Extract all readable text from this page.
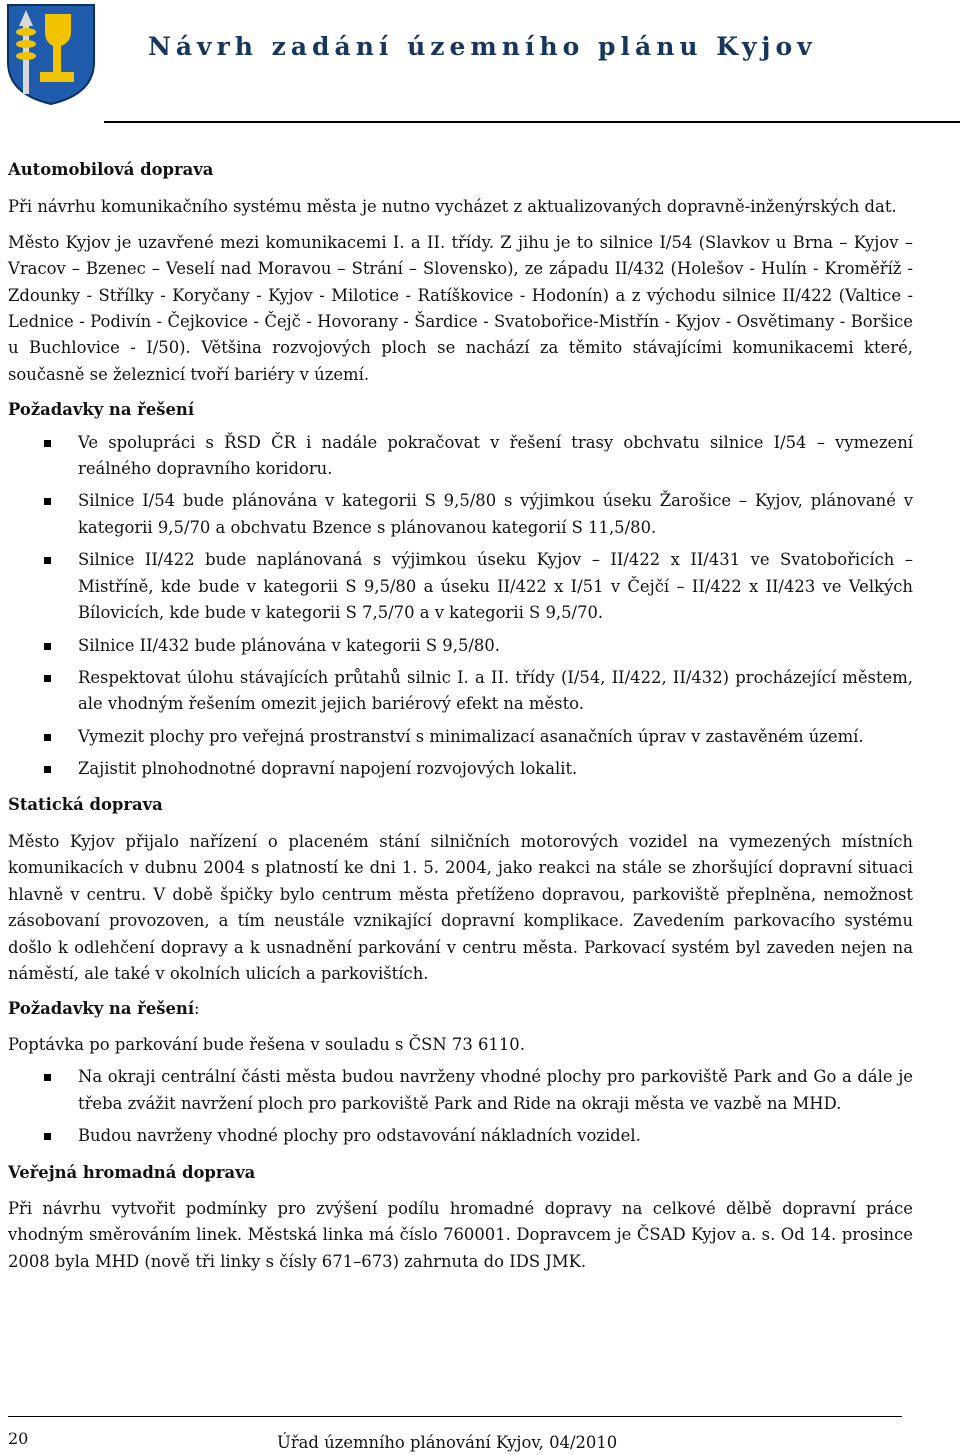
Návrh zadání územního plánu Kyjov

Automobilová doprava

Při návrhu komunikačního systému města je nutno vycházet z aktualizovaných dopravně-inženýrských dat.

Město Kyjov je uzavřené mezi komunikacemi I. a II. třídy. Z jihu je to silnice I/54 (Slavkov u Brna – Kyjov – Vracov – Bzenec – Veselí nad Moravou – Strání – Slovensko), ze západu II/432 (Holešov - Hulín - Kroměříž - Zdounky - Střílky - Koryčany - Kyjov - Milotice - Ratíškovice - Hodonín) a z východu silnice II/422 (Valtice - Lednice - Podivín - Čejkovice - Čejč - Hovorany - Šardice - Svatobořice-Mistřín - Kyjov - Osvětimany - Boršice u Buchlovice - I/50). Většina rozvojových ploch se nachází za těmito stávajícími komunikacemi které, současně se železnicí tvoří bariéry v území.

Požadavky na řešení

Ve spolupráci s ŘSD ČR i nadále pokračovat v řešení trasy obchvatu silnice I/54 – vymezení reálného dopravního koridoru.
Silnice I/54 bude plánována v kategorii S 9,5/80 s výjimkou úseku Žarošice – Kyjov, plánované v kategorii 9,5/70 a obchvatu Bzence s plánovanou kategorií S 11,5/80.
Silnice II/422 bude naplánovaná s výjimkou úseku Kyjov – II/422 x II/431 ve Svatobořicích – Mistříně, kde bude v kategorii S 9,5/80 a úseku II/422 x I/51 v Čejčí – II/422 x II/423 ve Velkých Bílovicích, kde bude v kategorii S 7,5/70 a v kategorii S 9,5/70.
Silnice II/432 bude plánována v kategorii S 9,5/80.
Respektovat úlohu stávajících průtahů silnic I. a II. třídy (I/54, II/422, II/432) procházející městem, ale vhodným řešením omezit jejich bariérový efekt na město.
Vymezit plochy pro veřejná prostranství s minimalizací asanačních úprav v zastavěném území.
Zajistit plnohodnotné dopravní napojení rozvojových lokalit.

Statická doprava

Město Kyjov přijalo nařízení o placeném stání silničních motorových vozidel na vymezených místních komunikacích v dubnu 2004 s platností ke dni 1. 5. 2004, jako reakci na stále se zhoršující dopravní situaci hlavně v centru. V době špičky bylo centrum města přetíženo dopravou, parkoviště přeplněna, nemožnost zásobovaní provozoven, a tím neustále vznikající dopravní komplikace. Zavedením parkovacího systému došlo k odlehčení dopravy a k usnadnění parkování v centru města. Parkovací systém byl zaveden nejen na náměstí, ale také v okolních ulicích a parkovištích.

Požadavky na řešení:

Poptávka po parkování bude řešena v souladu s ČSN 73 6110.

Na okraji centrální části města budou navrženy vhodné plochy pro parkoviště Park and Go a dále je třeba zvážit navržení ploch pro parkoviště Park and Ride na okraji města ve vazbě na MHD.
Budou navrženy vhodné plochy pro odstavování nákladních vozidel.

Veřejná hromadná doprava

Při návrhu vytvořit podmínky pro zvýšení podílu hromadné dopravy na celkové dělbě dopravní práce vhodným směrováním linek. Městská linka má číslo 760001. Dopravcem je ČSAD Kyjov a. s. Od 14. prosince 2008 byla MHD (nově tři linky s čísly 671–673) zahrnuta do IDS JMK.

20	Úřad územního plánování Kyjov, 04/2010
